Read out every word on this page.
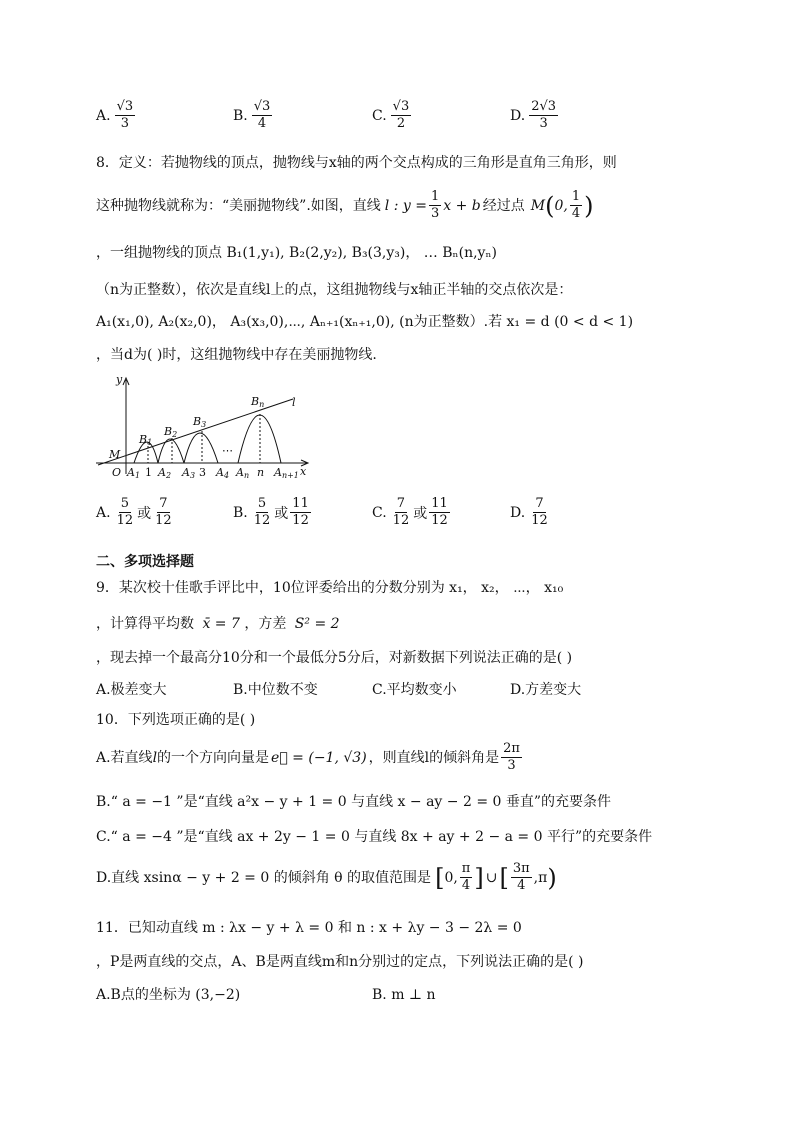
A. $\frac{√3}{3}$	B. $\frac{√3}{4}$	C. $\frac{√3}{2}$	D. $\frac{2√3}{3}$
8．定义：若抛物线的顶点，抛物线与x轴的两个交点构成的三角形是直角三角形，则
这种抛物线就称为：“美丽抛物线”.如图，直线 l : $y = \frac{1}{3}$ x + b 经过点 M ( 0, $\frac{1}{4}$ )
，一组抛物线的顶点 B₁(1,y₁), B₂(2,y₂), B₃(3,y₃)， … Bₙ(n,yₙ)
（n为正整数），依次是直线l上的点，这组抛物线与x轴正半轴的交点依次是：
A₁(x₁,0), A₂(x₂,0)， A₃(x₃,0),⋯, Aₙ₊₁(xₙ₊₁,0), (n为正整数）.若 x₁ = d (0 < d < 1)
，当d为( )时，这组抛物线中存在美丽抛物线.
y
x
l
M
O
B1
B2
B3
Bn
A1 1 A2 A3 3 A4
⋯
An n An+1
A. $\frac{5}{12}$ 或 $\frac{7}{12}$	B. $\frac{5}{12}$ 或 $\frac{11}{12}$	C. $\frac{7}{12}$ 或 $\frac{11}{12}$	D. $\frac{7}{12}$
二、多项选择题
9．某次校十佳歌手评比中，10位评委给出的分数分别为 x₁， x₂， ⋯， x₁₀
，计算得平均数 x̄ = 7 ，方差 S² = 2
，现去掉一个最高分10分和一个最低分5分后，对新数据下列说法正确的是( )
A.极差变大	B.中位数不变	C.平均数变小	D.方差变大
10．下列选项正确的是( )
A.若直线 l 的一个方向向量是 e⃗ = (−1, √3) ，则直线l的倾斜角是 $\frac{2\pi}{3}$
B.“ a = −1 ”是“直线 a²x − y + 1 = 0 与直线 x − ay − 2 = 0 垂直”的充要条件
C.“ a = −4 ”是“直线 ax + 2y − 1 = 0 与直线 8x + ay + 2 − a = 0 平行”的充要条件
D.直线 xsinα − y + 2 = 0 的倾斜角 θ 的取值范围是 [ 0, $\frac{\pi}{4}$ ] ∪ [ $\frac{3\pi}{4} ,\pi$ )
11．已知动直线 m : λx − y + λ = 0 和 n : x + λy − 3 − 2λ = 0
，P是两直线的交点，A、B是两直线m和n分别过的定点，下列说法正确的是( )
A.B点的坐标为 (3,−2)	B. m ⊥ n
